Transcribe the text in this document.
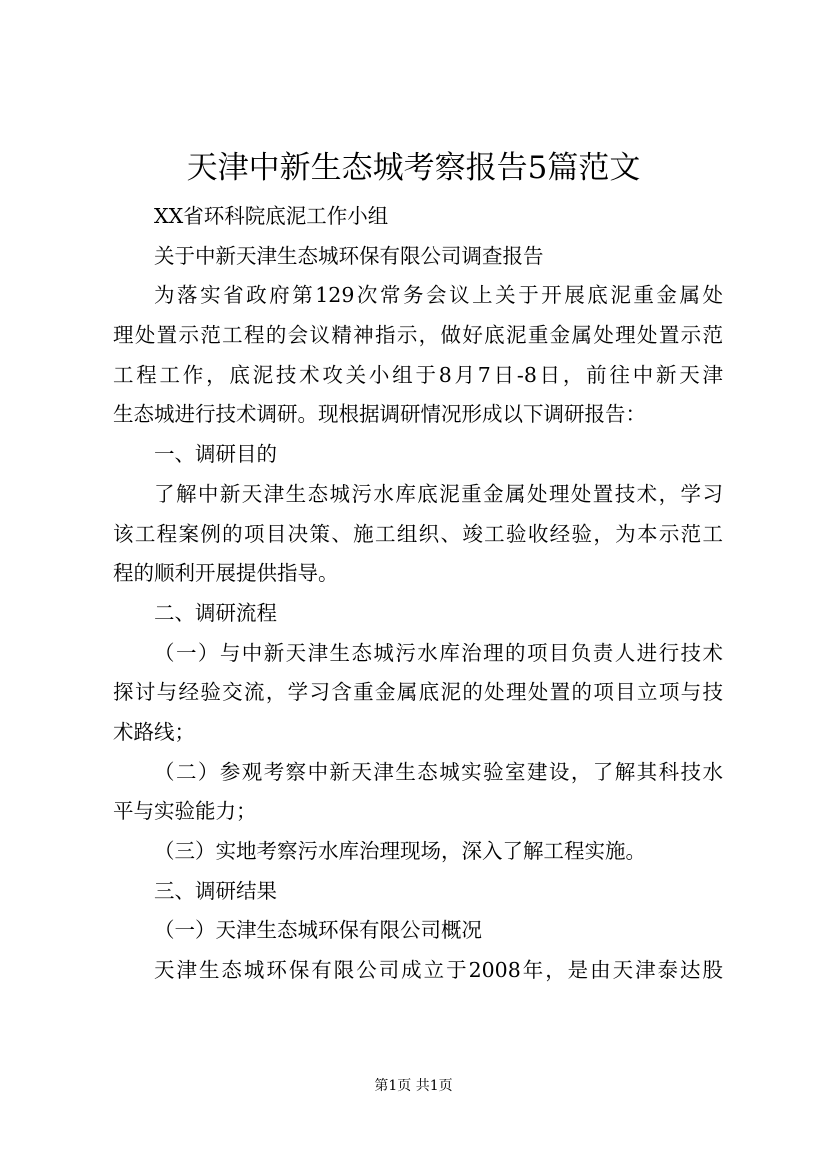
天津中新生态城考察报告5篇范文
XX省环科院底泥工作小组
关于中新天津生态城环保有限公司调查报告
为落实省政府第129次常务会议上关于开展底泥重金属处
理处置示范工程的会议精神指示，做好底泥重金属处理处置示范
工程工作，底泥技术攻关小组于8月7日-8日，前往中新天津
生态城进行技术调研。现根据调研情况形成以下调研报告：
一、调研目的
了解中新天津生态城污水库底泥重金属处理处置技术，学习
该工程案例的项目决策、施工组织、竣工验收经验，为本示范工
程的顺利开展提供指导。
二、调研流程
（一）与中新天津生态城污水库治理的项目负责人进行技术
探讨与经验交流，学习含重金属底泥的处理处置的项目立项与技
术路线；
（二）参观考察中新天津生态城实验室建设，了解其科技水
平与实验能力；
（三）实地考察污水库治理现场，深入了解工程实施。
三、调研结果
（一）天津生态城环保有限公司概况
天津生态城环保有限公司成立于2008年，是由天津泰达股
第1页 共1页
